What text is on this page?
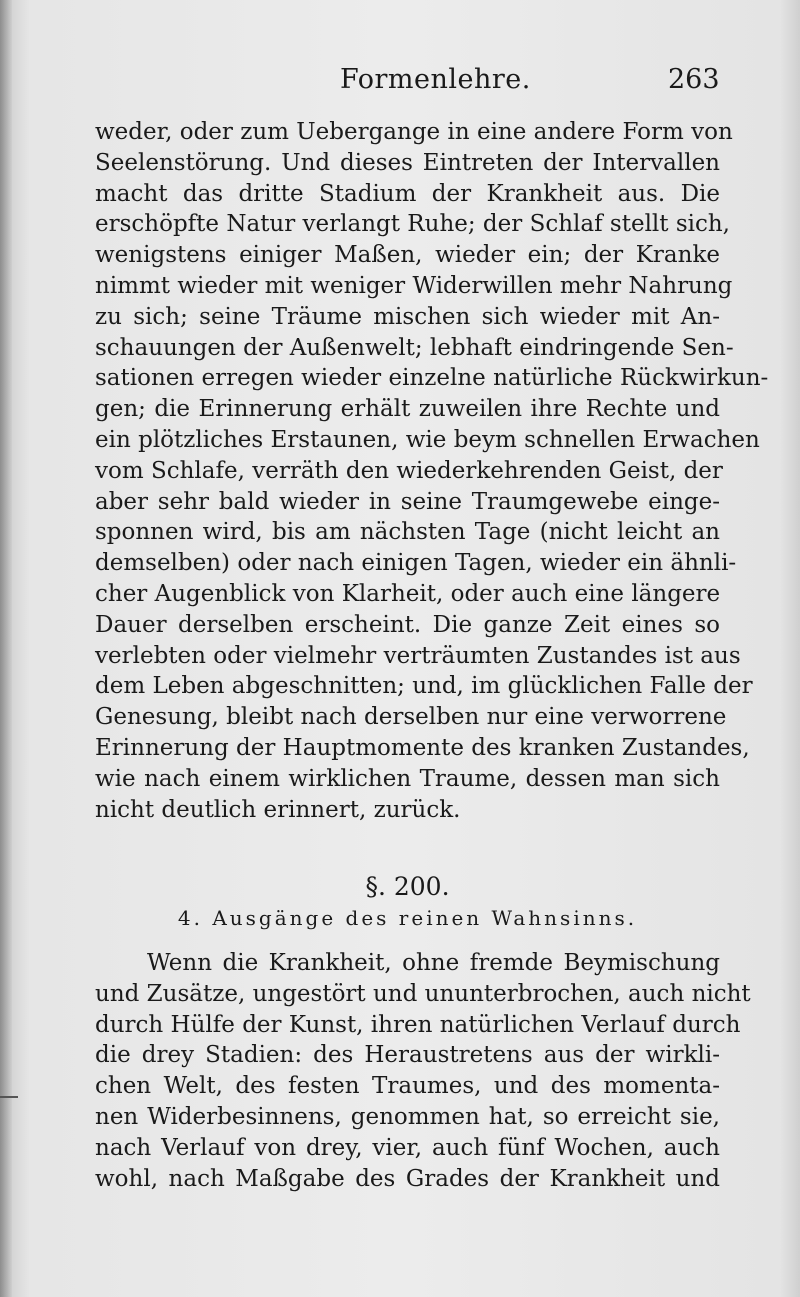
Formenlehre.	263
weder, oder zum Uebergange in eine andere Form von
Seelenstörung. Und dieses Eintreten der Intervallen
macht das dritte Stadium der Krankheit aus. Die
erschöpfte Natur verlangt Ruhe; der Schlaf stellt sich,
wenigstens einiger Maßen, wieder ein; der Kranke
nimmt wieder mit weniger Widerwillen mehr Nahrung
zu sich; seine Träume mischen sich wieder mit An-
schauungen der Außenwelt; lebhaft eindringende Sen-
sationen erregen wieder einzelne natürliche Rückwirkun-
gen; die Erinnerung erhält zuweilen ihre Rechte und
ein plötzliches Erstaunen, wie beym schnellen Erwachen
vom Schlafe, verräth den wiederkehrenden Geist, der
aber sehr bald wieder in seine Traumgewebe einge-
sponnen wird, bis am nächsten Tage (nicht leicht an
demselben) oder nach einigen Tagen, wieder ein ähnli-
cher Augenblick von Klarheit, oder auch eine längere
Dauer derselben erscheint. Die ganze Zeit eines so
verlebten oder vielmehr verträumten Zustandes ist aus
dem Leben abgeschnitten; und, im glücklichen Falle der
Genesung, bleibt nach derselben nur eine verworrene
Erinnerung der Hauptmomente des kranken Zustandes,
wie nach einem wirklichen Traume, dessen man sich
nicht deutlich erinnert, zurück.
§. 200.
4. Ausgänge des reinen Wahnsinns.
Wenn die Krankheit, ohne fremde Beymischung
und Zusätze, ungestört und ununterbrochen, auch nicht
durch Hülfe der Kunst, ihren natürlichen Verlauf durch
die drey Stadien: des Heraustretens aus der wirkli-
chen Welt, des festen Traumes, und des momenta-
nen Widerbesinnens, genommen hat, so erreicht sie,
nach Verlauf von drey, vier, auch fünf Wochen, auch
wohl, nach Maßgabe des Grades der Krankheit und
